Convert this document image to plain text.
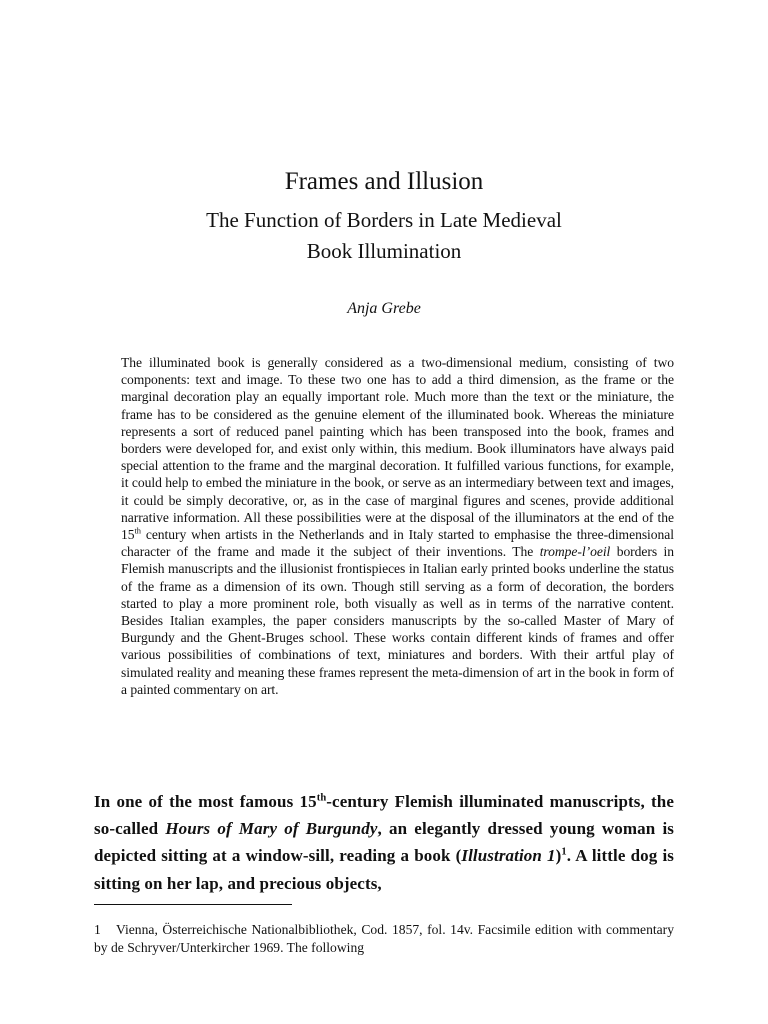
Frames and Illusion
The Function of Borders in Late Medieval
Book Illumination
Anja Grebe

The illuminated book is generally considered as a two-dimensional medium, consisting of two components: text and image. To these two one has to add a third dimension, as the frame or the marginal decoration play an equally important role. Much more than the text or the miniature, the frame has to be considered as the genuine element of the illuminated book. Whereas the miniature represents a sort of reduced panel painting which has been transposed into the book, frames and borders were developed for, and exist only within, this medium. Book illuminators have always paid special attention to the frame and the marginal decoration. It fulfilled various functions, for example, it could help to embed the miniature in the book, or serve as an intermediary between text and images, it could be simply decorative, or, as in the case of marginal figures and scenes, provide additional narrative information. All these possibilities were at the disposal of the illuminators at the end of the 15th century when artists in the Netherlands and in Italy started to emphasise the three-dimensional character of the frame and made it the subject of their inventions. The trompe-l’oeil borders in Flemish manuscripts and the illusionist frontispieces in Italian early printed books underline the status of the frame as a dimension of its own. Though still serving as a form of decoration, the borders started to play a more prominent role, both visually as well as in terms of the narrative content. Besides Italian examples, the paper considers manuscripts by the so-called Master of Mary of Burgundy and the Ghent-Bruges school. These works contain different kinds of frames and offer various possibilities of combinations of text, miniatures and borders. With their artful play of simulated reality and meaning these frames represent the meta-dimension of art in the book in form of a painted commentary on art.

In one of the most famous 15th-century Flemish illuminated manuscripts, the so-called Hours of Mary of Burgundy, an elegantly dressed young woman is depicted sitting at a window-sill, reading a book (Illustration 1)$^1$. A little dog is sitting on her lap, and precious objects,

1 Vienna, Österreichische Nationalbibliothek, Cod. 1857, fol. 14v. Facsimile edition with commentary by de Schryver/Unterkircher 1969. The following
